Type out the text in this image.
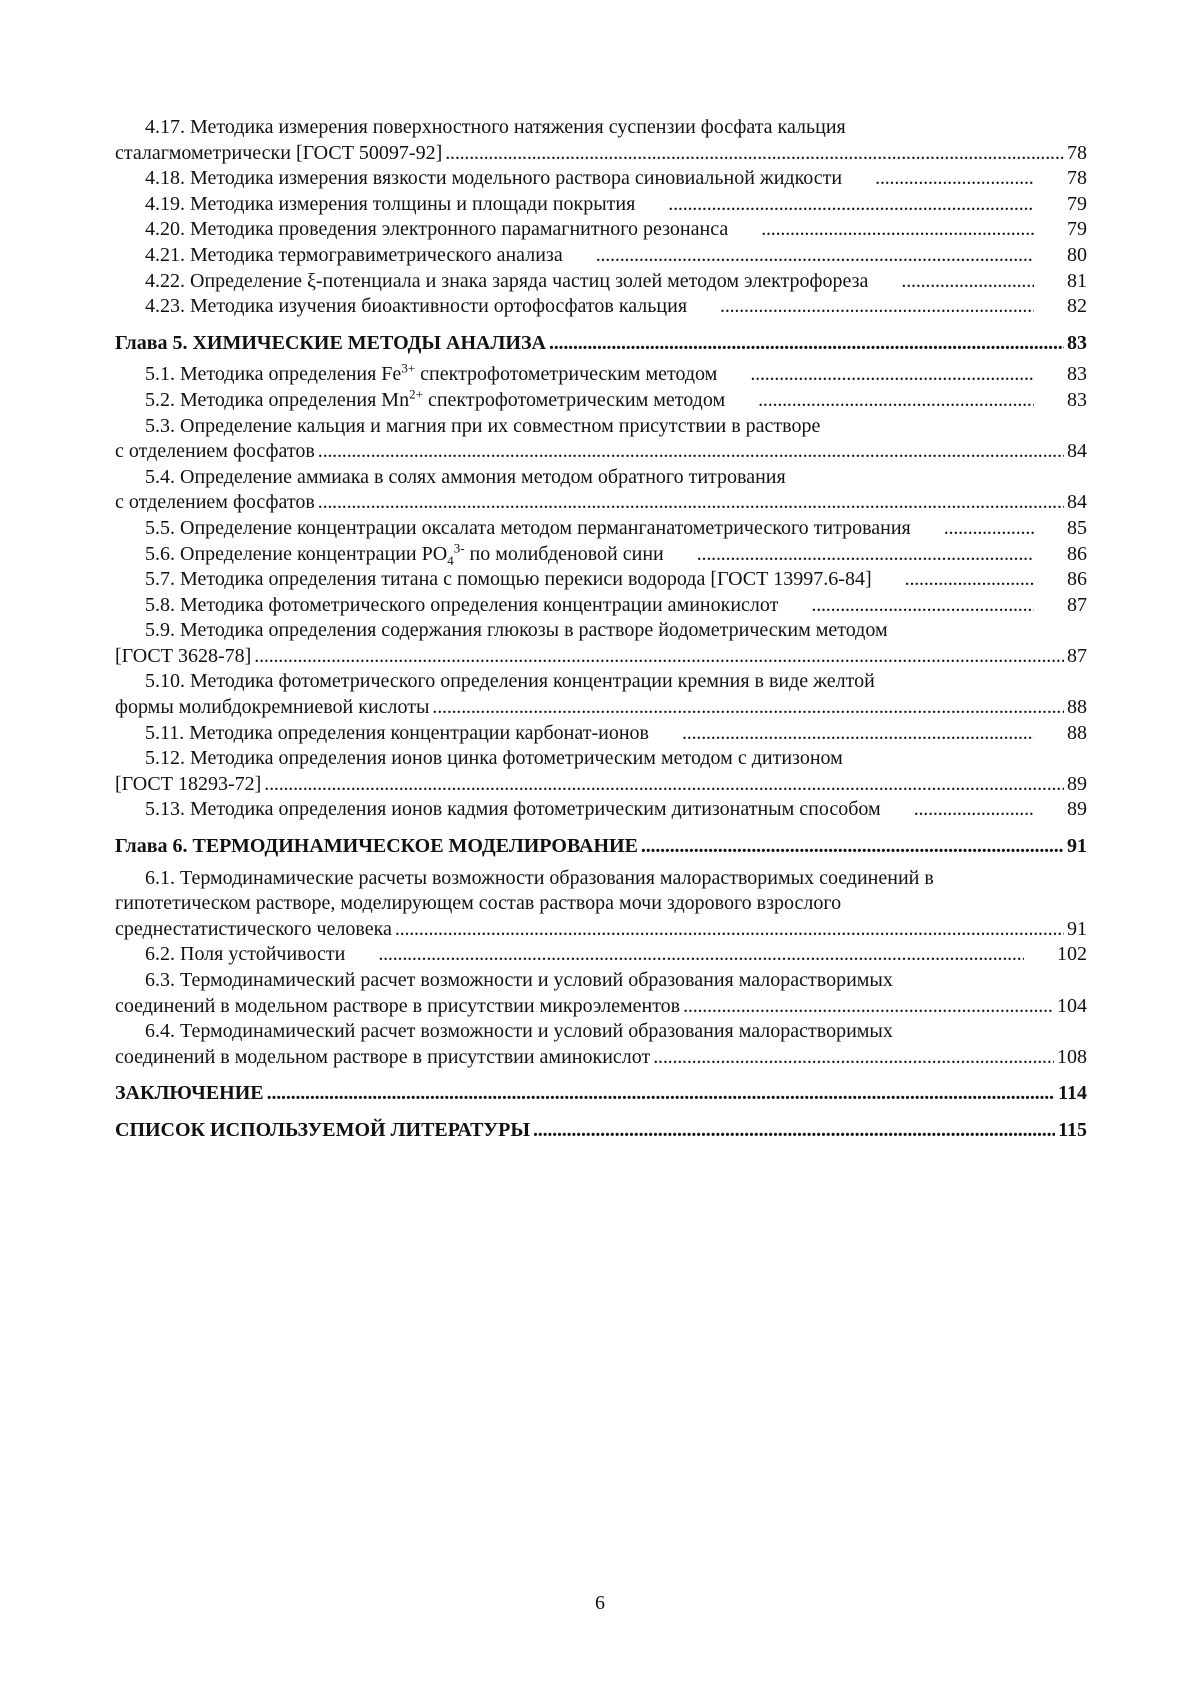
4.17. Методика измерения поверхностного натяжения суспензии фосфата кальция
сталагмометрически [ГОСТ 50097-92] . . .	78
4.18. Методика измерения вязкости модельного раствора синовиальной жидкости . . .	78
4.19. Методика измерения толщины и площади покрытия . . .	79
4.20. Методика проведения электронного парамагнитного резонанса . . .	79
4.21. Методика термогравиметрического анализа . . .	80
4.22. Определение ξ-потенциала и знака заряда частиц золей методом электрофореза . . .	81
4.23. Методика изучения биоактивности ортофосфатов кальция . . .	82
Глава 5. ХИМИЧЕСКИЕ МЕТОДЫ АНАЛИЗА . . .	83
5.1. Методика определения $Fe^{3+}$ спектрофотометрическим методом . . .	83
5.2. Методика определения $Mn^{2+}$ спектрофотометрическим методом . . .	83
5.3. Определение кальция и магния при их совместном присутствии в растворе
с отделением фосфатов . . .	84
5.4. Определение аммиака в солях аммония методом обратного титрования
с отделением фосфатов . . .	84
5.5. Определение концентрации оксалата методом перманганатометрического титрования . . .	85
5.6. Определение концентрации $PO_4^{3-}$ по молибденовой сини . . .	86
5.7. Методика определения титана с помощью перекиси водорода [ГОСТ 13997.6-84] . . .	86
5.8. Методика фотометрического определения концентрации аминокислот . . .	87
5.9. Методика определения содержания глюкозы в растворе йодометрическим методом
[ГОСТ 3628-78] . . .	87
5.10. Методика фотометрического определения концентрации кремния в виде желтой
формы молибдокремниевой кислоты . . .	88
5.11. Методика определения концентрации карбонат-ионов . . .	88
5.12. Методика определения ионов цинка фотометрическим методом с дитизоном
[ГОСТ 18293-72] . . .	89
5.13. Методика определения ионов кадмия фотометрическим дитизонатным способом . . .	89
Глава 6. ТЕРМОДИНАМИЧЕСКОЕ МОДЕЛИРОВАНИЕ . . .	91
6.1. Термодинамические расчеты возможности образования малорастворимых соединений в
гипотетическом растворе, моделирующем состав раствора мочи здорового взрослого
среднестатистического человека . . .	91
6.2. Поля устойчивости . . .	102
6.3. Термодинамический расчет возможности и условий образования малорастворимых
соединений в модельном растворе в присутствии микроэлементов . . .	104
6.4. Термодинамический расчет возможности и условий образования малорастворимых
соединений в модельном растворе в присутствии аминокислот . . .	108
ЗАКЛЮЧЕНИЕ . . .	114
СПИСОК ИСПОЛЬЗУЕМОЙ ЛИТЕРАТУРЫ . . .	115
6
